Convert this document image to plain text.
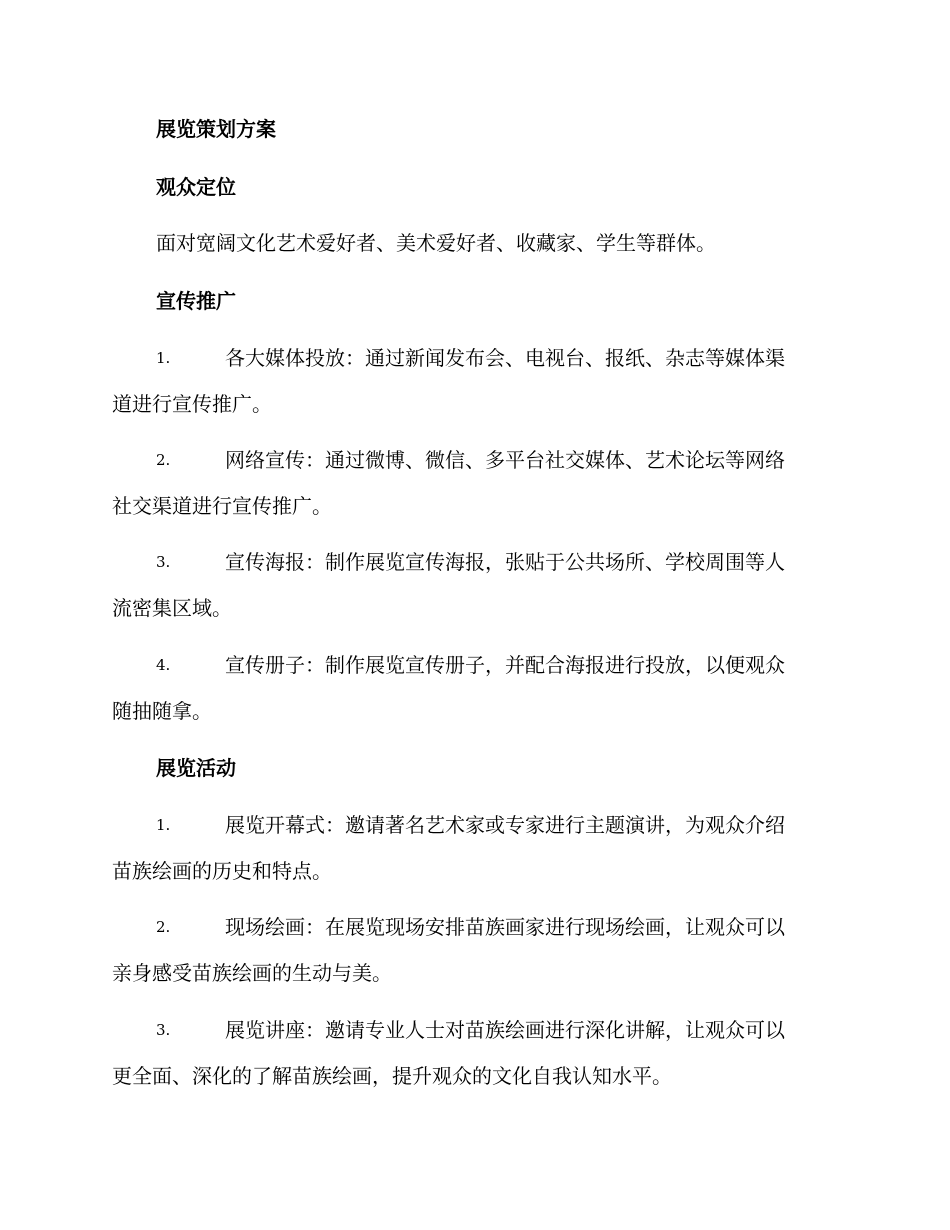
展览策划方案
观众定位

面对宽阔文化艺术爱好者、美术爱好者、收藏家、学生等群体。

宣传推广
1.	各大媒体投放：通过新闻发布会、电视台、报纸、杂志等媒体渠
道进行宣传推广。
2.	网络宣传：通过微博、微信、多平台社交媒体、艺术论坛等网络
社交渠道进行宣传推广。
3.	宣传海报：制作展览宣传海报，张贴于公共场所、学校周围等人
流密集区域。
4.	宣传册子：制作展览宣传册子，并配合海报进行投放，以便观众
随抽随拿。
展览活动
1.	展览开幕式：邀请著名艺术家或专家进行主题演讲，为观众介绍
苗族绘画的历史和特点。
2.	现场绘画：在展览现场安排苗族画家进行现场绘画，让观众可以
亲身感受苗族绘画的生动与美。
3.	展览讲座：邀请专业人士对苗族绘画进行深化讲解，让观众可以
更全面、深化的了解苗族绘画，提升观众的文化自我认知水平。
